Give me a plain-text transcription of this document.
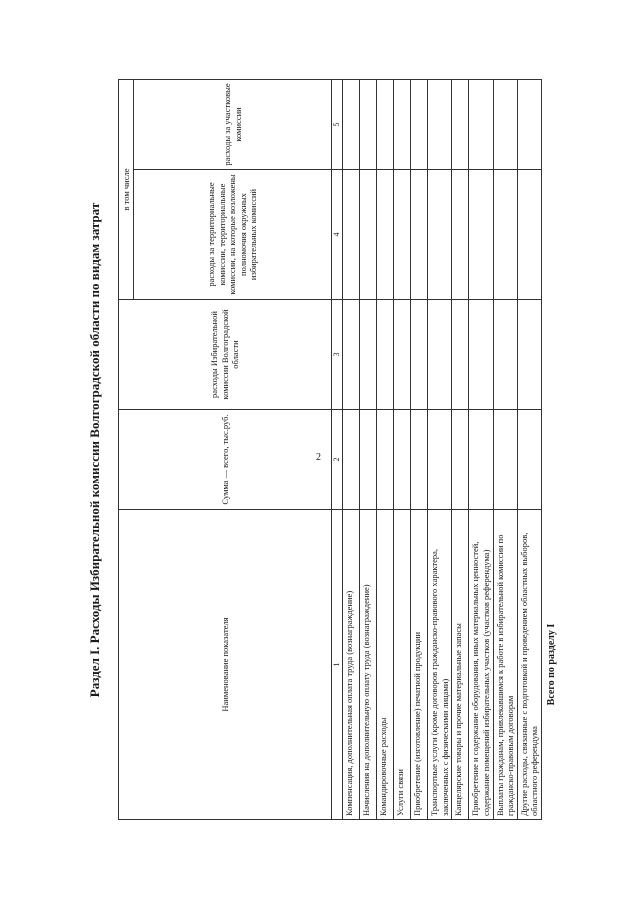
2
Раздел I. Расходы Избирательной комиссии Волгоградской области по видам затрат	Наименование показателя	Сумма — всего, тыс.руб.	расходы Избирательной комиссии Волгоградской области	в том числе	
			расходы за территориальные комиссии, территориальные комиссии, на которые возложены полномочия окружных избирательных комиссий	расходы за участковые комиссии
1	2	3	4	5
Компенсация, дополнительная оплата труда (вознаграждение)				
Начисления на дополнительную оплату труда (вознаграждение)				
Командировочные расходы				
Услуги связи				
Приобретение (изготовление) печатной продукции				
Транспортные услуги (кроме договоров гражданско-правового характера, заключенных с физическими лицами)				
Канцелярские товары и прочие материальные запасы				
Приобретение и содержание оборудования, иных материальных ценностей, содержание помещений избирательных участков (участков референдума)				
Выплаты гражданам, привлекавшимся к работе в избирательной комиссии по гражданско-правовым договорам				
Другие расходы, связанные с подготовкой и проведением областных выборов, областного референдума				
Всего по разделу I				
